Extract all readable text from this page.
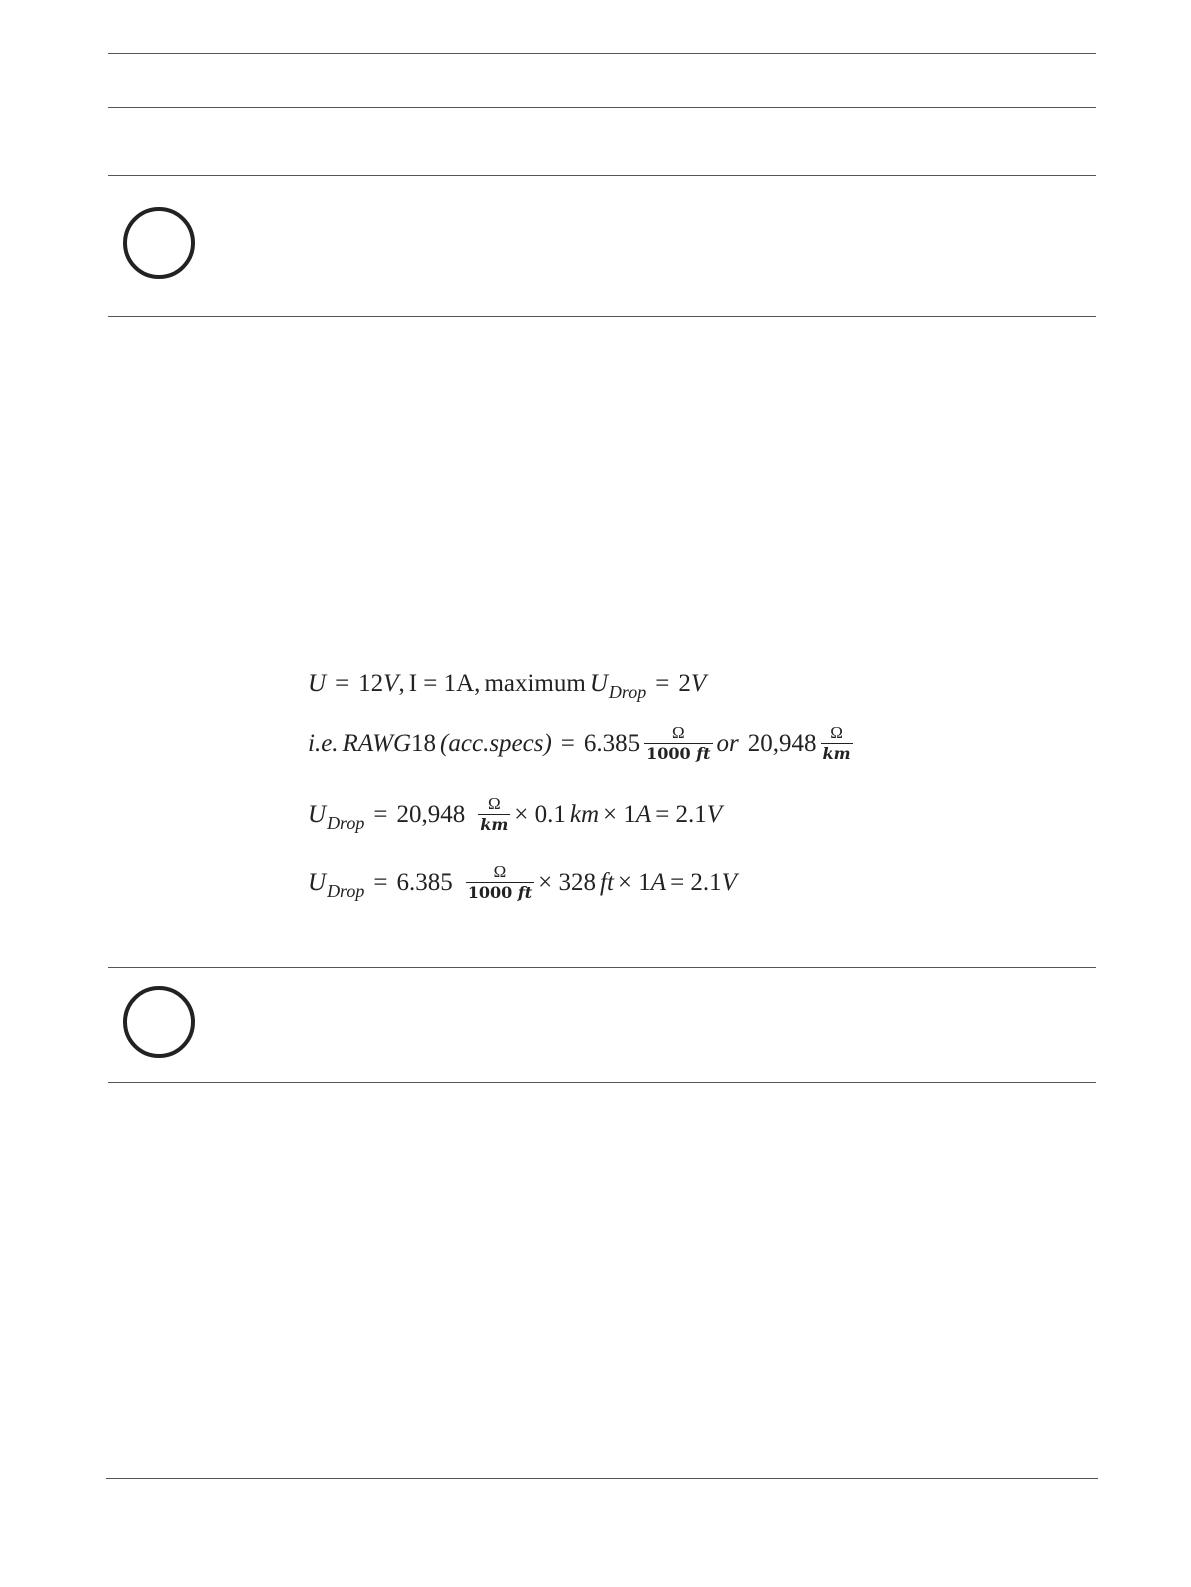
U = 12 V , I = 1A, maximum U Drop = 2 V
i.e. RAWG 18 (acc.specs) = $6.385 \frac{\Omega}{1000 ft}$ or $20,948 \frac{\Omega}{km}$
U Drop = $20,948 \frac{\Omega}{km} \times 0.1$ km × 1 A = 2.1 V
U Drop = $6.385 \frac{\Omega}{1000 ft} \times 328$ ft × 1 A = 2.1 V
